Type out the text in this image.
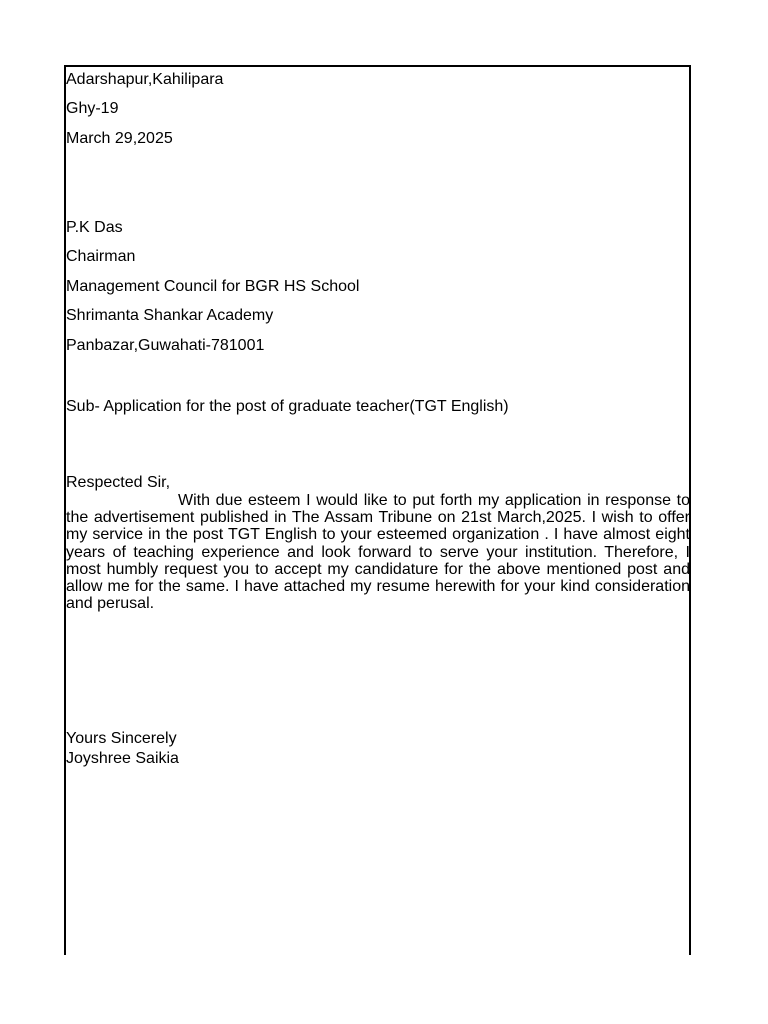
Adarshapur,Kahilipara
Ghy-19
March 29,2025
P.K Das
Chairman
Management Council for BGR HS School
Shrimanta Shankar Academy
Panbazar,Guwahati-781001
Sub- Application for the post of graduate teacher(TGT English)
Respected Sir,
With due esteem I would like to put forth my application in response to the advertisement published in The Assam Tribune on 21st March,2025. I wish to offer my service in the post TGT English to your esteemed organization . I have almost eight years of teaching experience and look forward to serve your institution. Therefore, I most humbly request you to accept my candidature for the above mentioned post and allow me for the same. I have attached my resume herewith for your kind consideration and perusal.
Yours Sincerely
Joyshree Saikia
